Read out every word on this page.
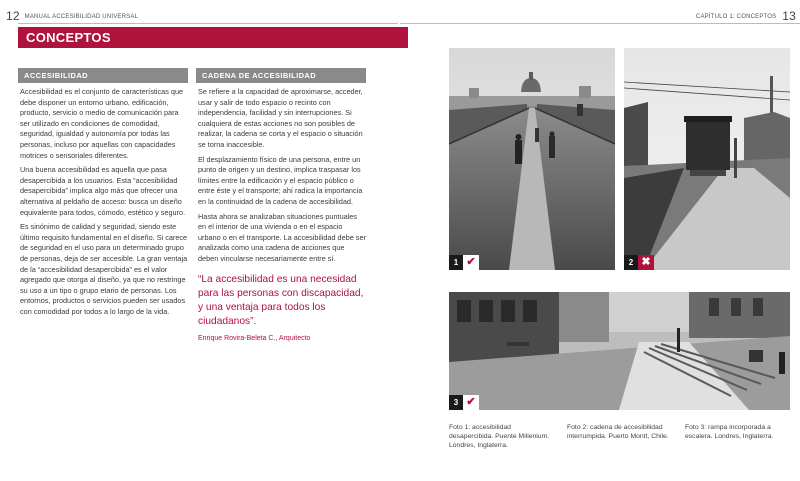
12 MANUAL ACCESIBILIDAD UNIVERSAL
CONCEPTOS
ACCESIBILIDAD

Accesibilidad es el conjunto de características que debe disponer un entorno urbano, edificación, producto, servicio o medio de comunicación para ser utilizado en condiciones de comodidad, seguridad, igualdad y autonomía por todas las personas, incluso por aquellas con capacidades motrices o sensoriales diferentes.

Una buena accesibilidad es aquella que pasa desapercibida a los usuarios. Esta “accesibilidad desapercibida” implica algo más que ofrecer una alternativa al peldaño de acceso: busca un diseño equivalente para todos, cómodo, estético y seguro.

Es sinónimo de calidad y seguridad, siendo este último requisito fundamental en el diseño. Si carece de seguridad en el uso para un determinado grupo de personas, deja de ser accesible. La gran ventaja de la “accesibilidad desapercibida” es el valor agregado que otorga al diseño, ya que no restringe su uso a un tipo o grupo etario de personas. Los entornos, productos o servicios pueden ser usados con comodidad por todos a lo largo de la vida.

CADENA DE ACCESIBILIDAD

Se refiere a la capacidad de aproximarse, acceder, usar y salir de todo espacio o recinto con independencia, facilidad y sin interrupciones. Si cualquiera de estas acciones no son posibles de realizar, la cadena se corta y el espacio o situación se torna inaccesible.

El desplazamiento físico de una persona, entre un punto de origen y un destino, implica traspasar los límites entre la edificación y el espacio público o entre éste y el transporte; ahí radica la importancia en la continuidad de la cadena de accesibilidad.

Hasta ahora se analizaban situaciones puntuales en el interior de una vivienda o en el espacio urbano o en el transporte. La accesibilidad debe ser analizada como una cadena de acciones que deben vincularse necesariamente entre sí.

“La accesibilidad es una necesidad para las personas con discapacidad, y una ventaja para todos los ciudadanos”.
Enrique Rovira-Beleta C., Arquitecto
CAPÍTULO 1: CONCEPTOS 13
1 ✔	2 ✖
3 ✔
Foto 1: accesibilidad desapercibida. Puente Millenium. Londres, Inglaterra.
Foto 2: cadena de accesibilidad interrumpida. Puerto Montt, Chile.
Foto 3: rampa incorporada a escalera. Londres, Inglaterra.
